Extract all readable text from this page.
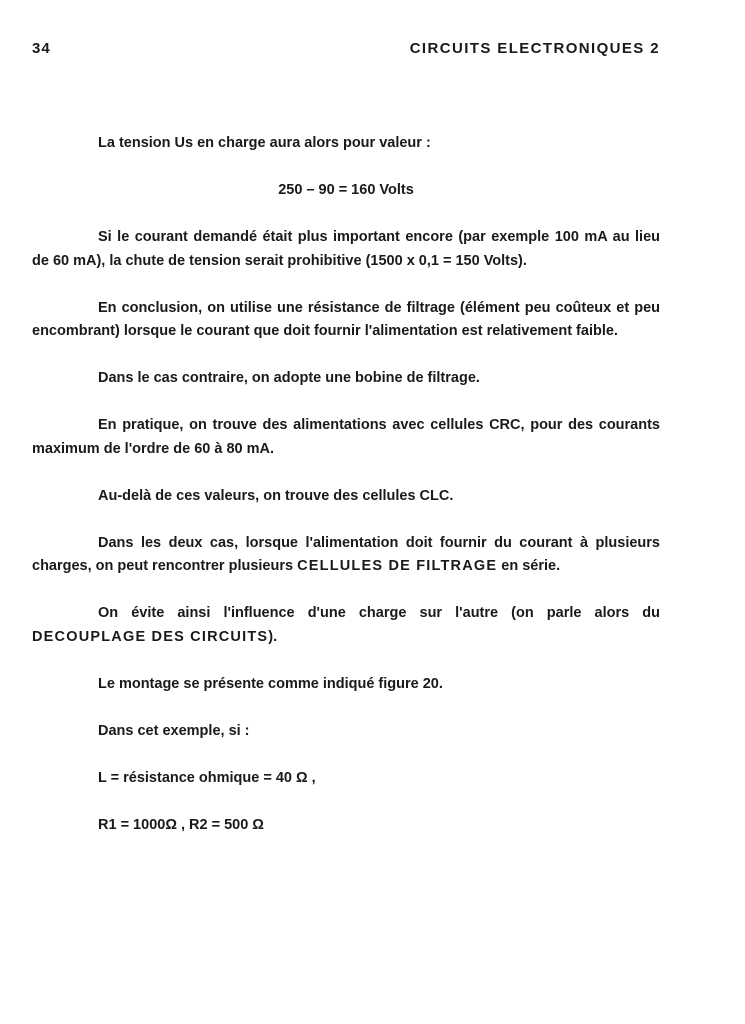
34	CIRCUITS ELECTRONIQUES 2

La tension Us en charge aura alors pour valeur :

250 – 90 = 160 Volts

Si le courant demandé était plus important encore (par exemple 100 mA au lieu de 60 mA), la chute de tension serait prohibitive (1500 x 0,1 = 150 Volts).

En conclusion, on utilise une résistance de filtrage (élément peu coûteux et peu encombrant) lorsque le courant que doit fournir l'alimentation est relativement faible.

Dans le cas contraire, on adopte une bobine de filtrage.

En pratique, on trouve des alimentations avec cellules CRC, pour des courants maximum de l'ordre de 60 à 80 mA.

Au-delà de ces valeurs, on trouve des cellules CLC.

Dans les deux cas, lorsque l'alimentation doit fournir du courant à plusieurs charges, on peut rencontrer plusieurs CELLULES DE FILTRAGE en série.

On évite ainsi l'influence d'une charge sur l'autre (on parle alors du DECOUPLAGE DES CIRCUITS).

Le montage se présente comme indiqué figure 20.

Dans cet exemple, si :

L = résistance ohmique = 40 Ω ,

R1 = 1000Ω , R2 = 500 Ω
